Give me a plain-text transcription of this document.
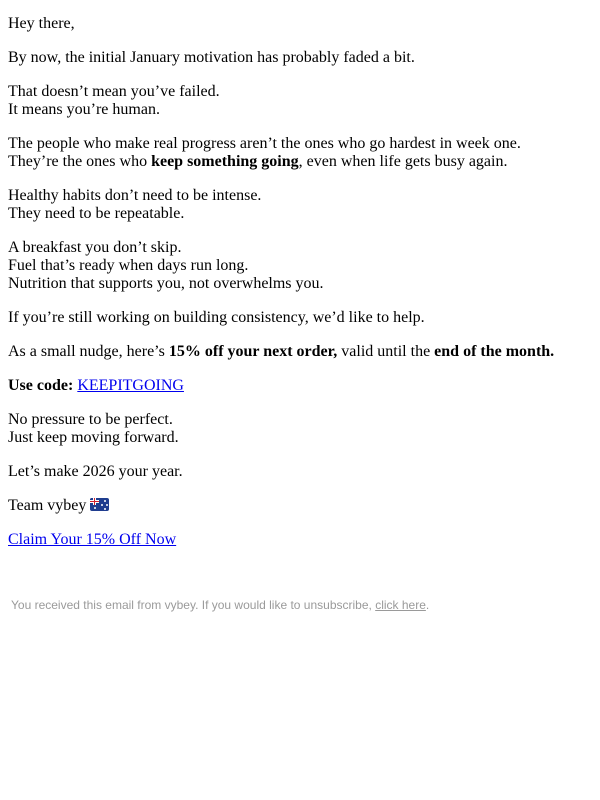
Hey there,

By now, the initial January motivation has probably faded a bit.

That doesn’t mean you’ve failed.
It means you’re human.

The people who make real progress aren’t the ones who go hardest in week one.
They’re the ones who keep something going, even when life gets busy again.

Healthy habits don’t need to be intense.
They need to be repeatable.

A breakfast you don’t skip.
Fuel that’s ready when days run long.
Nutrition that supports you, not overwhelms you.

If you’re still working on building consistency, we’d like to help.

As a small nudge, here’s 15% off your next order, valid until the end of the month.

Use code: KEEPITGOING

No pressure to be perfect.
Just keep moving forward.

Let’s make 2026 your year.

Team vybey

Claim Your 15% Off Now

You received this email from vybey. If you would like to unsubscribe, click here.
